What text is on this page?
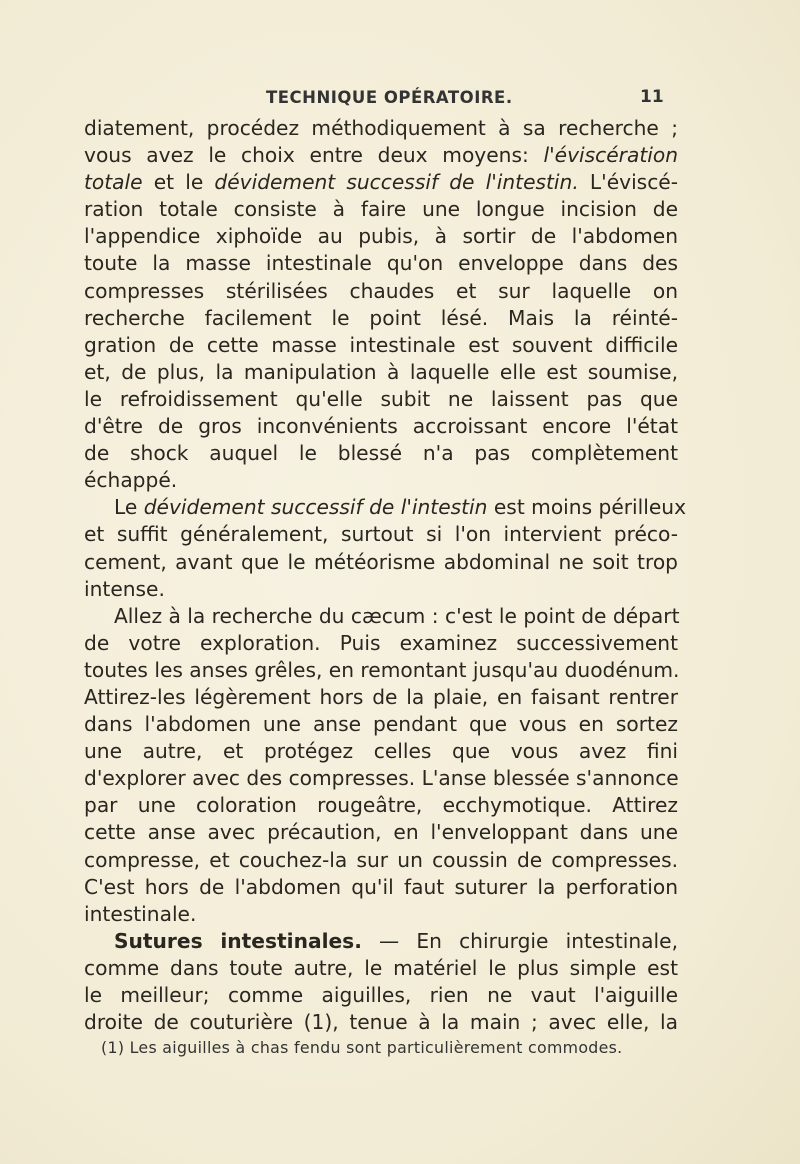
TECHNIQUE OPÉRATOIRE.	11
diatement, procédez méthodiquement à sa recherche ;
vous avez le choix entre deux moyens: l'éviscération
totale et le dévidement successif de l'intestin. L'éviscé-
ration totale consiste à faire une longue incision de
l'appendice xiphoïde au pubis, à sortir de l'abdomen
toute la masse intestinale qu'on enveloppe dans des
compresses stérilisées chaudes et sur laquelle on
recherche facilement le point lésé. Mais la réinté-
gration de cette masse intestinale est souvent difficile
et, de plus, la manipulation à laquelle elle est soumise,
le refroidissement qu'elle subit ne laissent pas que
d'être de gros inconvénients accroissant encore l'état
de shock auquel le blessé n'a pas complètement
échappé.
Le dévidement successif de l'intestin est moins périlleux
et suffit généralement, surtout si l'on intervient préco-
cement, avant que le météorisme abdominal ne soit trop
intense.
Allez à la recherche du cæcum : c'est le point de départ
de votre exploration. Puis examinez successivement
toutes les anses grêles, en remontant jusqu'au duodénum.
Attirez-les légèrement hors de la plaie, en faisant rentrer
dans l'abdomen une anse pendant que vous en sortez
une autre, et protégez celles que vous avez fini
d'explorer avec des compresses. L'anse blessée s'annonce
par une coloration rougeâtre, ecchymotique. Attirez
cette anse avec précaution, en l'enveloppant dans une
compresse, et couchez-la sur un coussin de compresses.
C'est hors de l'abdomen qu'il faut suturer la perforation
intestinale.
Sutures intestinales. — En chirurgie intestinale,
comme dans toute autre, le matériel le plus simple est
le meilleur; comme aiguilles, rien ne vaut l'aiguille
droite de couturière (1), tenue à la main ; avec elle, la
(1) Les aiguilles à chas fendu sont particulièrement commodes.
